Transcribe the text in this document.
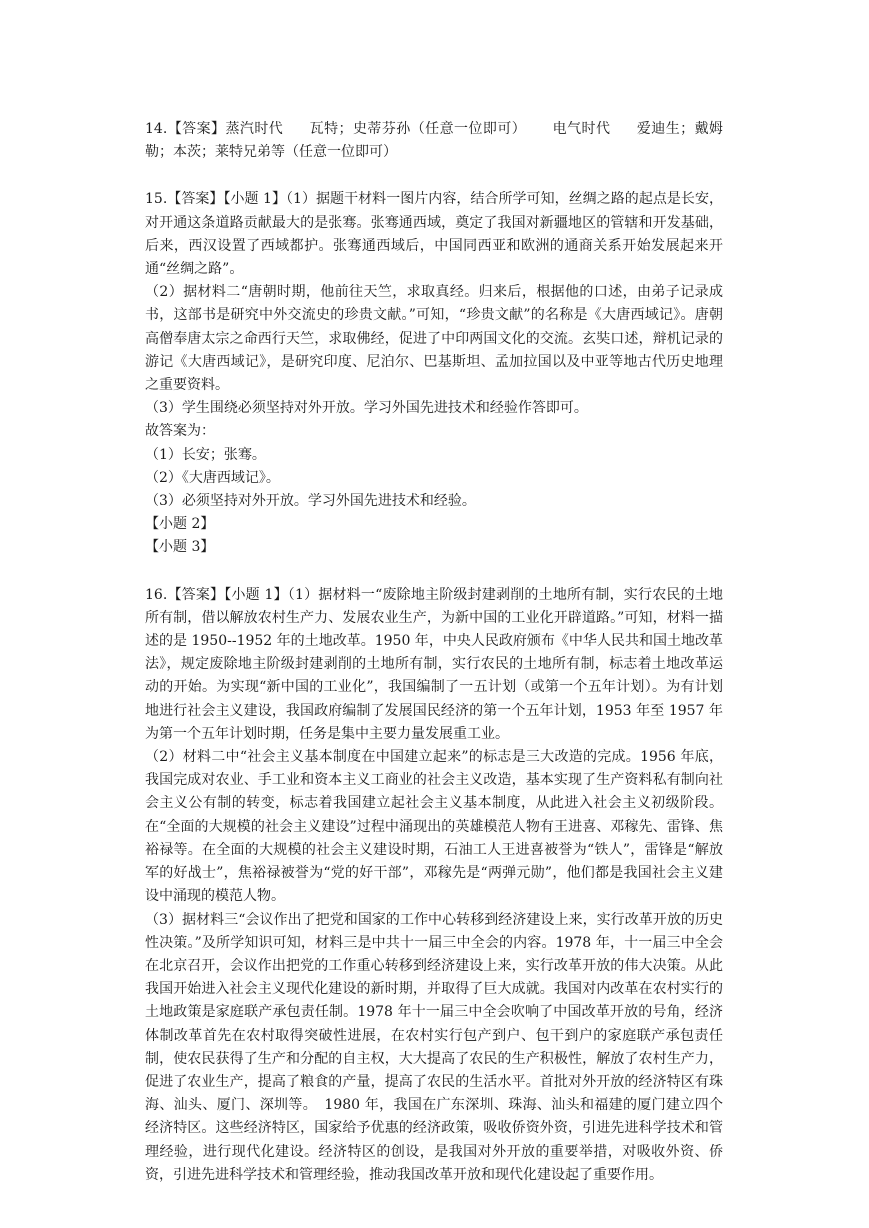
14.【答案】蒸汽时代 瓦特；史蒂芬孙（任意一位即可） 电气时代 爱迪生；戴姆勒；本茨；莱特兄弟等（任意一位即可）

15.【答案】【小题 1】（1）据题干材料一图片内容，结合所学可知，丝绸之路的起点是长安，对开通这条道路贡献最大的是张骞。张骞通西域，奠定了我国对新疆地区的管辖和开发基础，后来，西汉设置了西域都护。张骞通西域后，中国同西亚和欧洲的通商关系开始发展起来开通“丝绸之路”。

（2）据材料二“唐朝时期，他前往天竺，求取真经。归来后，根据他的口述，由弟子记录成书，这部书是研究中外交流史的珍贵文献。”可知，“珍贵文献”的名称是《大唐西域记》。唐朝高僧奉唐太宗之命西行天竺，求取佛经，促进了中印两国文化的交流。玄奘口述，辩机记录的游记《大唐西域记》，是研究印度、尼泊尔、巴基斯坦、孟加拉国以及中亚等地古代历史地理之重要资料。

（3）学生围绕必须坚持对外开放。学习外国先进技术和经验作答即可。

故答案为：

（1）长安；张骞。

（2）《大唐西域记》。

（3）必须坚持对外开放。学习外国先进技术和经验。

【小题 2】

【小题 3】

16.【答案】【小题 1】（1）据材料一“废除地主阶级封建剥削的土地所有制，实行农民的土地所有制，借以解放农村生产力、发展农业生产，为新中国的工业化开辟道路。”可知，材料一描述的是 1950--1952 年的土地改革。1950 年，中央人民政府颁布《中华人民共和国土地改革法》，规定废除地主阶级封建剥削的土地所有制，实行农民的土地所有制，标志着土地改革运动的开始。为实现“新中国的工业化”，我国编制了一五计划（或第一个五年计划）。为有计划地进行社会主义建设，我国政府编制了发展国民经济的第一个五年计划，1953 年至 1957 年为第一个五年计划时期，任务是集中主要力量发展重工业。

（2）材料二中“社会主义基本制度在中国建立起来”的标志是三大改造的完成。1956 年底，我国完成对农业、手工业和资本主义工商业的社会主义改造，基本实现了生产资料私有制向社会主义公有制的转变，标志着我国建立起社会主义基本制度，从此进入社会主义初级阶段。在“全面的大规模的社会主义建设”过程中涌现出的英雄模范人物有王进喜、邓稼先、雷锋、焦裕禄等。在全面的大规模的社会主义建设时期，石油工人王进喜被誉为“铁人”，雷锋是“解放军的好战士”，焦裕禄被誉为“党的好干部”，邓稼先是“两弹元勋”，他们都是我国社会主义建设中涌现的模范人物。

（3）据材料三“会议作出了把党和国家的工作中心转移到经济建设上来，实行改革开放的历史性决策。”及所学知识可知，材料三是中共十一届三中全会的内容。1978 年，十一届三中全会在北京召开，会议作出把党的工作重心转移到经济建设上来，实行改革开放的伟大决策。从此我国开始进入社会主义现代化建设的新时期，并取得了巨大成就。我国对内改革在农村实行的土地政策是家庭联产承包责任制。1978 年十一届三中全会吹响了中国改革开放的号角，经济体制改革首先在农村取得突破性进展，在农村实行包产到户、包干到户的家庭联产承包责任制，使农民获得了生产和分配的自主权，大大提高了农民的生产积极性，解放了农村生产力，促进了农业生产，提高了粮食的产量，提高了农民的生活水平。首批对外开放的经济特区有珠海、汕头、厦门、深圳等。　1980 年，我国在广东深圳、珠海、汕头和福建的厦门建立四个经济特区。这些经济特区，国家给予优惠的经济政策，吸收侨资外资，引进先进科学技术和管理经验，进行现代化建设。经济特区的创设，是我国对外开放的重要举措，对吸收外资、侨资，引进先进科学技术和管理经验，推动我国改革开放和现代化建设起了重要作用。
